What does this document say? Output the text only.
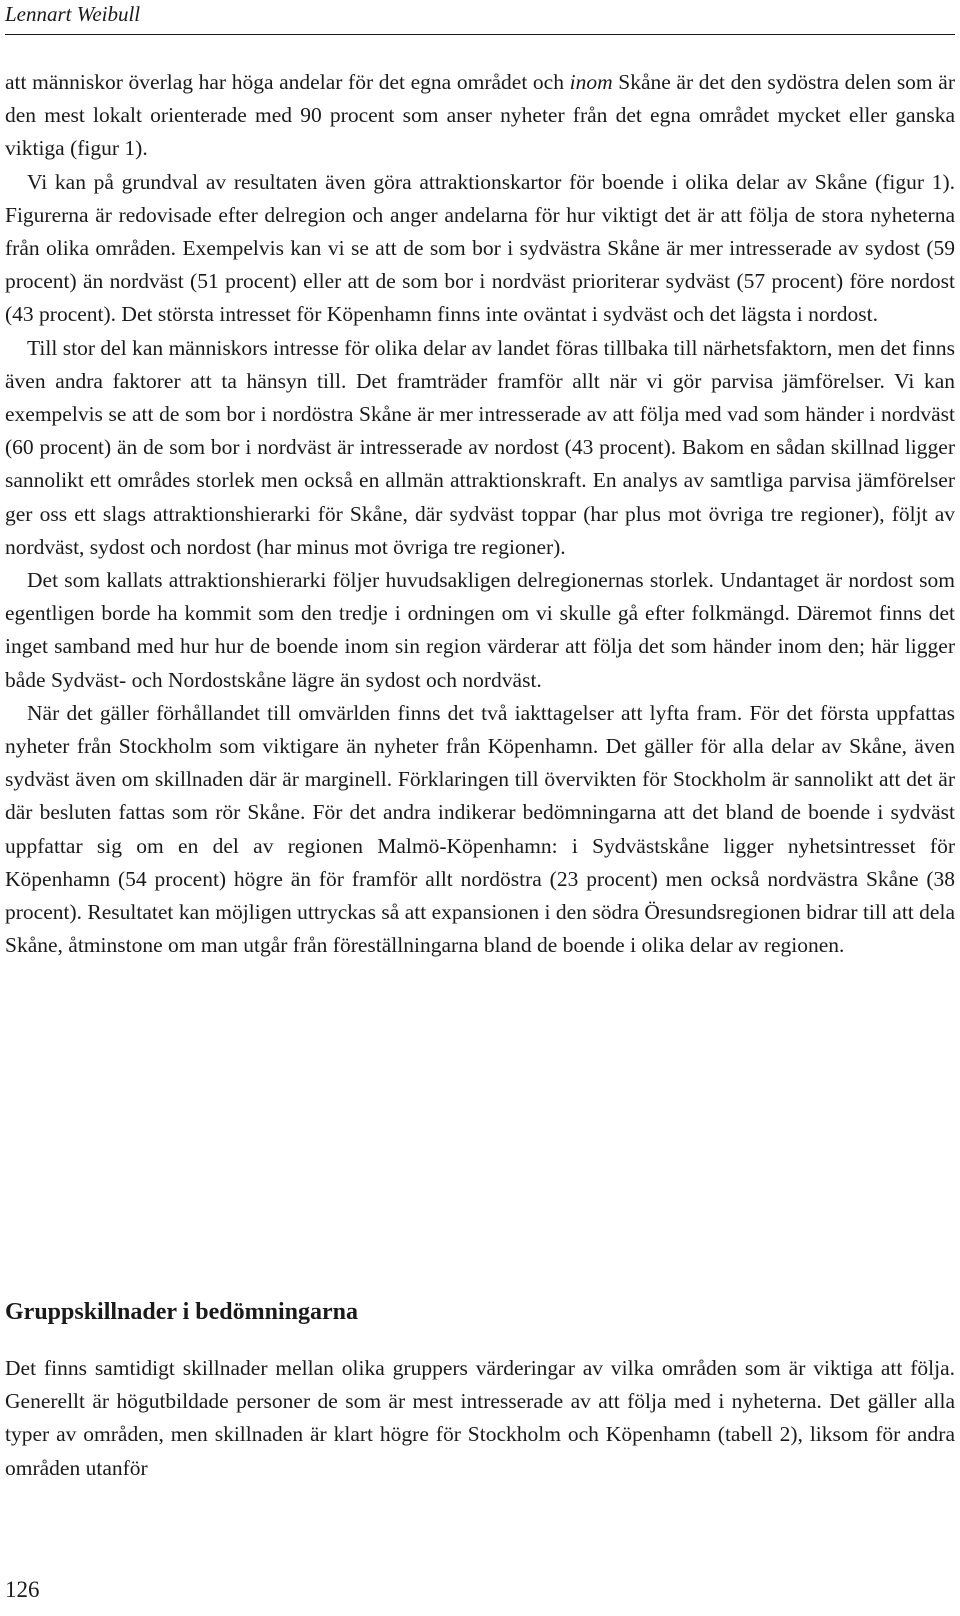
Lennart Weibull

att människor överlag har höga andelar för det egna området och inom Skåne är det den sydöstra delen som är den mest lokalt orienterade med 90 procent som anser nyheter från det egna området mycket eller ganska viktiga (figur 1).

Vi kan på grundval av resultaten även göra attraktionskartor för boende i olika delar av Skåne (figur 1). Figurerna är redovisade efter delregion och anger andelarna för hur viktigt det är att följa de stora nyheterna från olika områden. Exempelvis kan vi se att de som bor i sydvästra Skåne är mer intresserade av sydost (59 procent) än nordväst (51 procent) eller att de som bor i nordväst prioriterar sydväst (57 procent) före nordost (43 procent). Det största intresset för Köpenhamn finns inte oväntat i sydväst och det lägsta i nordost.

Till stor del kan människors intresse för olika delar av landet föras tillbaka till närhetsfaktorn, men det finns även andra faktorer att ta hänsyn till. Det framträder framför allt när vi gör parvisa jämförelser. Vi kan exempelvis se att de som bor i nordöstra Skåne är mer intresserade av att följa med vad som händer i nordväst (60 procent) än de som bor i nordväst är intresserade av nordost (43 procent). Bakom en sådan skillnad ligger sannolikt ett områdes storlek men också en allmän attraktionskraft. En analys av samtliga parvisa jämförelser ger oss ett slags attraktionshierarki för Skåne, där sydväst toppar (har plus mot övriga tre regioner), följt av nordväst, sydost och nordost (har minus mot övriga tre regioner).

Det som kallats attraktionshierarki följer huvudsakligen delregionernas storlek. Undantaget är nordost som egentligen borde ha kommit som den tredje i ordningen om vi skulle gå efter folkmängd. Däremot finns det inget samband med hur hur de boende inom sin region värderar att följa det som händer inom den; här ligger både Sydväst- och Nordostskåne lägre än sydost och nordväst.

När det gäller förhållandet till omvärlden finns det två iakttagelser att lyfta fram. För det första uppfattas nyheter från Stockholm som viktigare än nyheter från Köpenhamn. Det gäller för alla delar av Skåne, även sydväst även om skillnaden där är marginell. Förklaringen till övervikten för Stockholm är sannolikt att det är där besluten fattas som rör Skåne. För det andra indikerar bedömningarna att det bland de boende i sydväst uppfattar sig om en del av regionen Malmö-Köpenhamn: i Sydvästskåne ligger nyhetsintresset för Köpenhamn (54 procent) högre än för framför allt nordöstra (23 procent) men också nordvästra Skåne (38 procent). Resultatet kan möjligen uttryckas så att expansionen i den södra Öresundsregionen bidrar till att dela Skåne, åtminstone om man utgår från föreställningarna bland de boende i olika delar av regionen.

Gruppskillnader i bedömningarna

Det finns samtidigt skillnader mellan olika gruppers värderingar av vilka områden som är viktiga att följa. Generellt är högutbildade personer de som är mest intresserade av att följa med i nyheterna. Det gäller alla typer av områden, men skillnaden är klart högre för Stockholm och Köpenhamn (tabell 2), liksom för andra områden utanför

126
